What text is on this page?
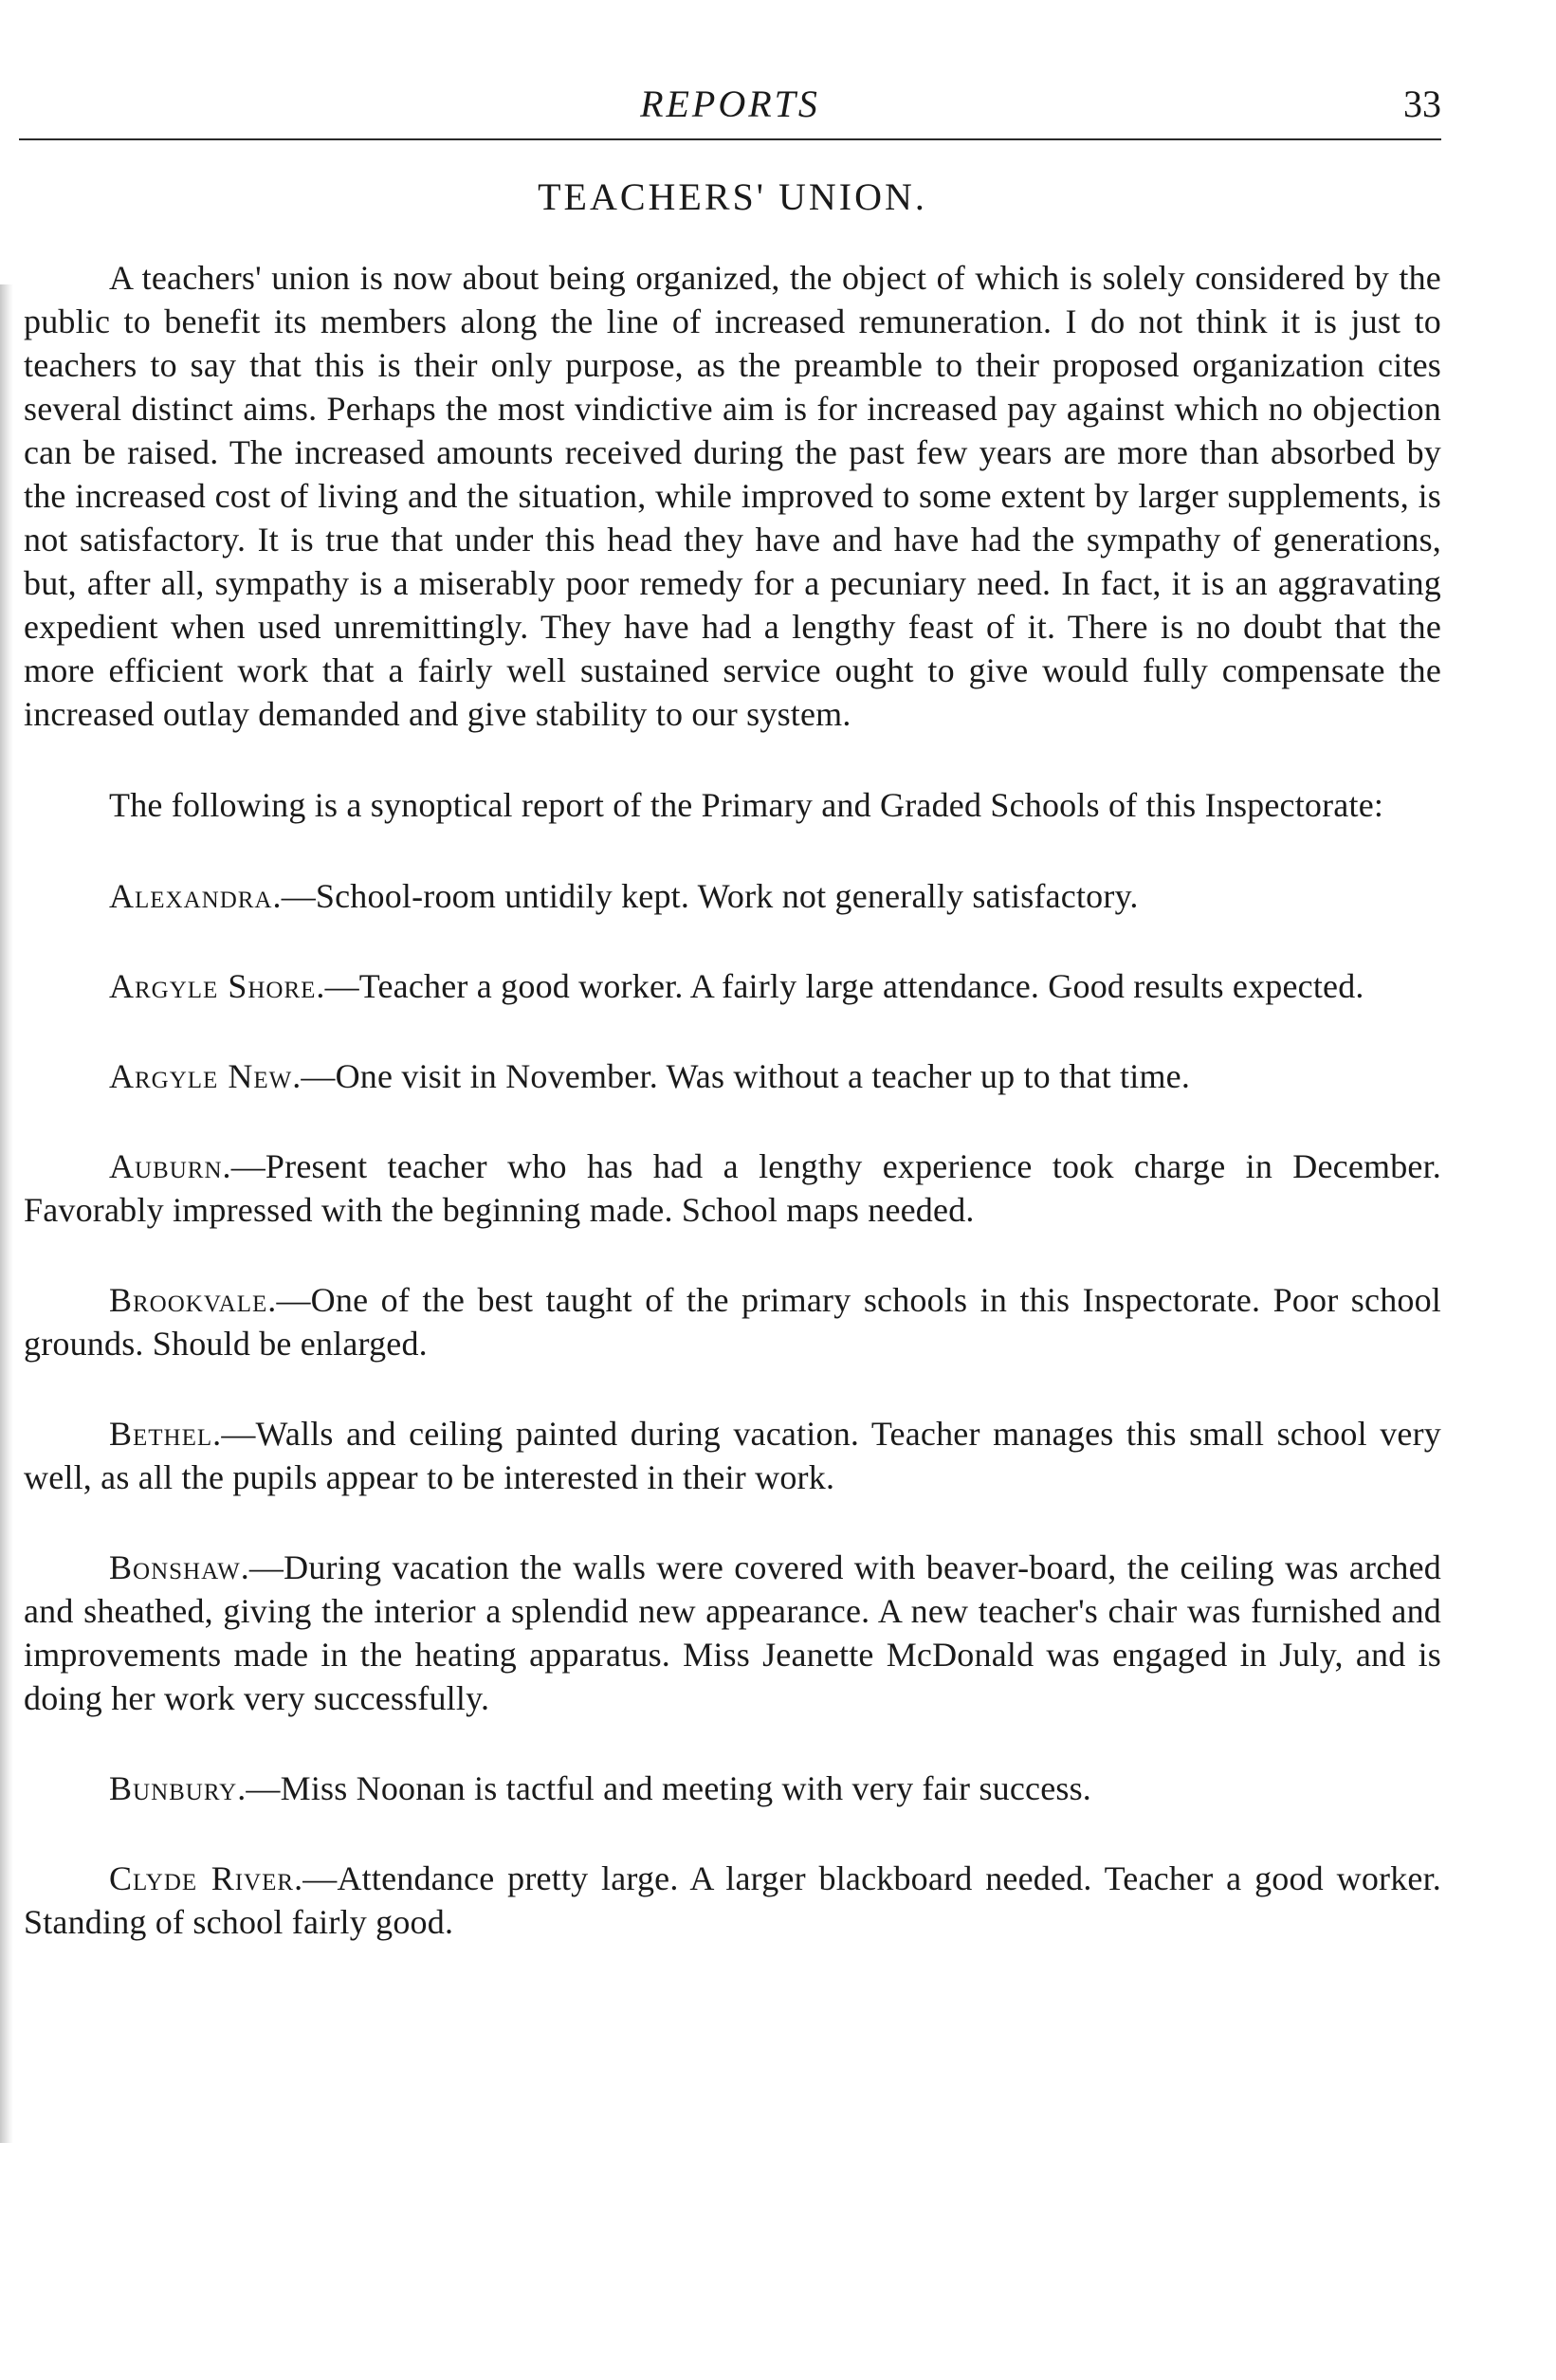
REPORTS	33
TEACHERS' UNION.

A teachers' union is now about being organized, the object of which is solely considered by the public to benefit its members along the line of increased remuneration. I do not think it is just to teachers to say that this is their only purpose, as the preamble to their proposed organization cites several distinct aims. Perhaps the most vindictive aim is for increased pay against which no objection can be raised. The increased amounts received during the past few years are more than absorbed by the increased cost of living and the situation, while improved to some extent by larger supplements, is not satisfactory. It is true that under this head they have and have had the sympathy of generations, but, after all, sympathy is a miserably poor remedy for a pecuniary need. In fact, it is an aggravating expedient when used unremittingly. They have had a lengthy feast of it. There is no doubt that the more efficient work that a fairly well sustained service ought to give would fully compensate the increased outlay demanded and give stability to our system.

The following is a synoptical report of the Primary and Graded Schools of this Inspectorate:

Alexandra.—School-room untidily kept. Work not generally satisfactory.

Argyle Shore.—Teacher a good worker. A fairly large attendance. Good results expected.

Argyle New.—One visit in November. Was without a teacher up to that time.

Auburn.—Present teacher who has had a lengthy experience took charge in December. Favorably impressed with the beginning made. School maps needed.

Brookvale.—One of the best taught of the primary schools in this Inspectorate. Poor school grounds. Should be enlarged.

Bethel.—Walls and ceiling painted during vacation. Teacher manages this small school very well, as all the pupils appear to be interested in their work.

Bonshaw.—During vacation the walls were covered with beaver-board, the ceiling was arched and sheathed, giving the interior a splendid new appearance. A new teacher's chair was furnished and improvements made in the heating apparatus. Miss Jeanette McDonald was engaged in July, and is doing her work very successfully.

Bunbury.—Miss Noonan is tactful and meeting with very fair success.

Clyde River.—Attendance pretty large. A larger blackboard needed. Teacher a good worker. Standing of school fairly good.
